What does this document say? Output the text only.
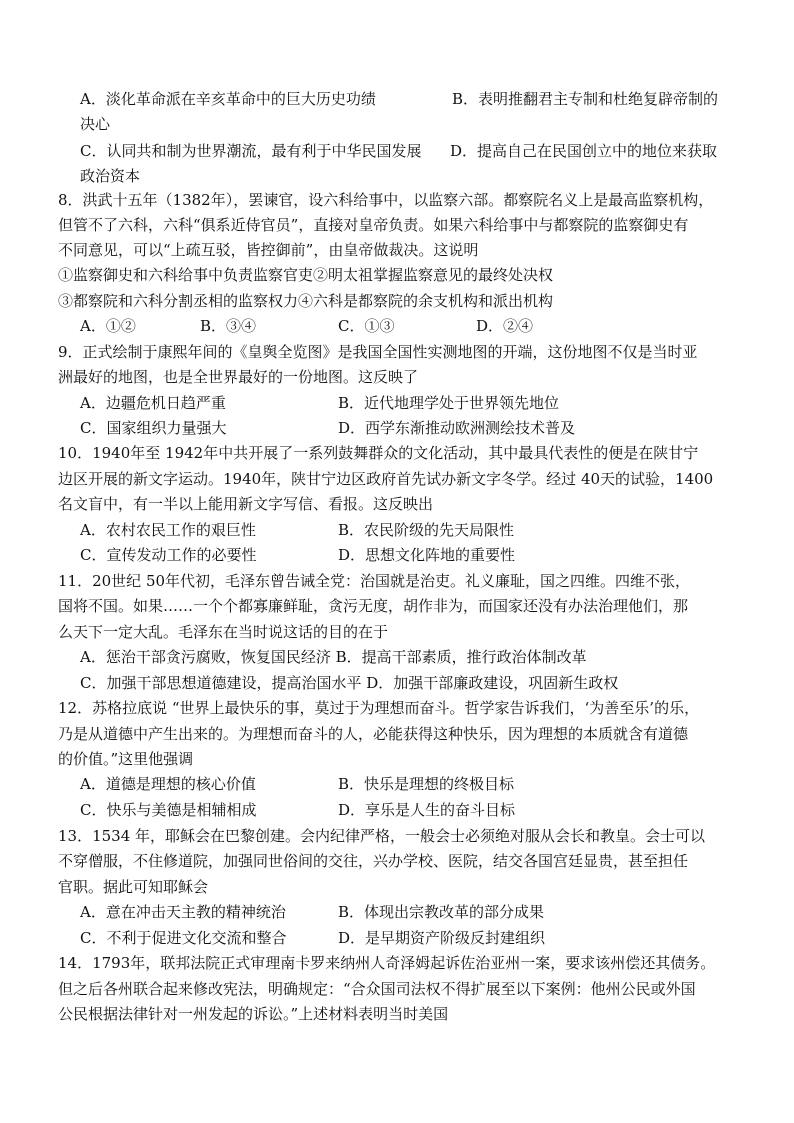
A．淡化革命派在辛亥革命中的巨大历史功绩	B．表明推翻君主专制和杜绝复辟帝制的
决心
C．认同共和制为世界潮流，最有利于中华民国发展 D．提高自己在民国创立中的地位来获取
政治资本
8．洪武十五年（1382年），罢谏官，设六科给事中，以监察六部。都察院名义上是最高监察机构，
但管不了六科，六科“俱系近侍官员”，直接对皇帝负责。如果六科给事中与都察院的监察御史有
不同意见，可以“上疏互驳，皆控御前”，由皇帝做裁决。这说明
①监察御史和六科给事中负责监察官吏②明太祖掌握监察意见的最终处决权
③都察院和六科分割丞相的监察权力④六科是都察院的余支机构和派出机构
A．①②	B．③④	C．①③	D．②④
9．正式绘制于康熙年间的《皇舆全览图》是我国全国性实测地图的开端，这份地图不仅是当时亚
洲最好的地图，也是全世界最好的一份地图。这反映了
A．边疆危机日趋严重	B．近代地理学处于世界领先地位
C．国家组织力量强大	D．西学东渐推动欧洲测绘技术普及
10．1940年至 1942年中共开展了一系列鼓舞群众的文化活动，其中最具代表性的便是在陕甘宁
边区开展的新文字运动。1940年，陕甘宁边区政府首先试办新文字冬学。经过 40天的试验，1400
名文盲中，有一半以上能用新文字写信、看报。这反映出
A．农村农民工作的艰巨性	B．农民阶级的先天局限性
C．宣传发动工作的必要性	D．思想文化阵地的重要性
11．20世纪 50年代初，毛泽东曾告诫全党：治国就是治吏。礼义廉耻，国之四维。四维不张，
国将不国。如果……一个个都寡廉鲜耻，贪污无度，胡作非为，而国家还没有办法治理他们，那
么天下一定大乱。毛泽东在当时说这话的目的在于
A．惩治干部贪污腐败，恢复国民经济 B．提高干部素质，推行政治体制改革
C．加强干部思想道德建设，提高治国水平 D．加强干部廉政建设，巩固新生政权
12．苏格拉底说 “世界上最快乐的事，莫过于为理想而奋斗。哲学家告诉我们，‘为善至乐’的乐，
乃是从道德中产生出来的。为理想而奋斗的人，必能获得这种快乐，因为理想的本质就含有道德
的价值。”这里他强调
A．道德是理想的核心价值	B．快乐是理想的终极目标
C．快乐与美德是相辅相成	D．享乐是人生的奋斗目标
13．1534 年，耶稣会在巴黎创建。会内纪律严格，一般会士必须绝对服从会长和教皇。会士可以
不穿僧服，不住修道院，加强同世俗间的交往，兴办学校、医院，结交各国宫廷显贵，甚至担任
官职。据此可知耶稣会
A．意在冲击天主教的精神统治	B．体现出宗教改革的部分成果
C．不利于促进文化交流和整合	D．是早期资产阶级反封建组织
14．1793年，联邦法院正式审理南卡罗来纳州人奇泽姆起诉佐治亚州一案，要求该州偿还其债务。
但之后各州联合起来修改宪法，明确规定：“合众国司法权不得扩展至以下案例：他州公民或外国
公民根据法律针对一州发起的诉讼。”上述材料表明当时美国
